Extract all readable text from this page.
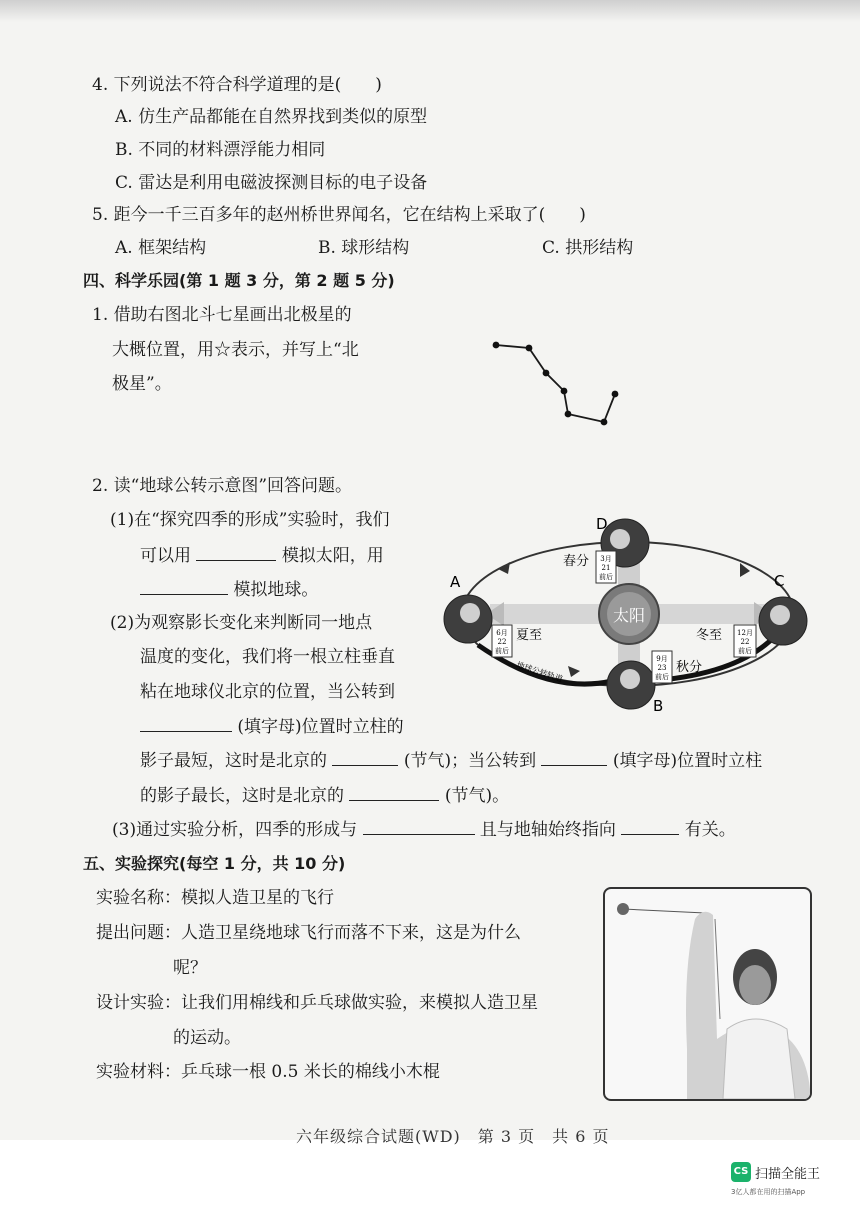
4. 下列说法不符合科学道理的是(　　)
A. 仿生产品都能在自然界找到类似的原型
B. 不同的材料漂浮能力相同
C. 雷达是利用电磁波探测目标的电子设备
5. 距今一千三百多年的赵州桥世界闻名，它在结构上采取了(　　)
A. 框架结构	B. 球形结构	C. 拱形结构
四、科学乐园(第 1 题 3 分，第 2 题 5 分)
1. 借助右图北斗七星画出北极星的
大概位置，用☆表示，并写上“北
极星”。
2. 读“地球公转示意图”回答问题。
(1)在“探究四季的形成”实验时，我们
可以用	模拟太阳，用
模拟地球。
(2)为观察影长变化来判断同一地点
温度的变化，我们将一根立柱垂直
粘在地球仪北京的位置，当公转到
(填字母)位置时立柱的
影子最短，这时是北京的	(节气)；当公转到	(填字母)位置时立柱
的影子最长，这时是北京的	(节气)。
(3)通过实验分析，四季的形成与	且与地轴始终指向	有关。
太阳
D
春分 3月
21
前后
A
6月
22
前后
夏至
C
冬至 12月
22
前后
B
9月
23
前后
秋分
地球公转轨道
五、实验探究(每空 1 分，共 10 分)
实验名称：模拟人造卫星的飞行
提出问题：人造卫星绕地球飞行而落不下来，这是为什么
呢？
设计实验：让我们用棉线和乒乓球做实验，来模拟人造卫星
的运动。
实验材料：乒乓球一根 0.5 米长的棉线小木棍
六年级综合试题(WD)　第 3 页　共 6 页
CS 扫描全能王
3亿人都在用的扫描App
